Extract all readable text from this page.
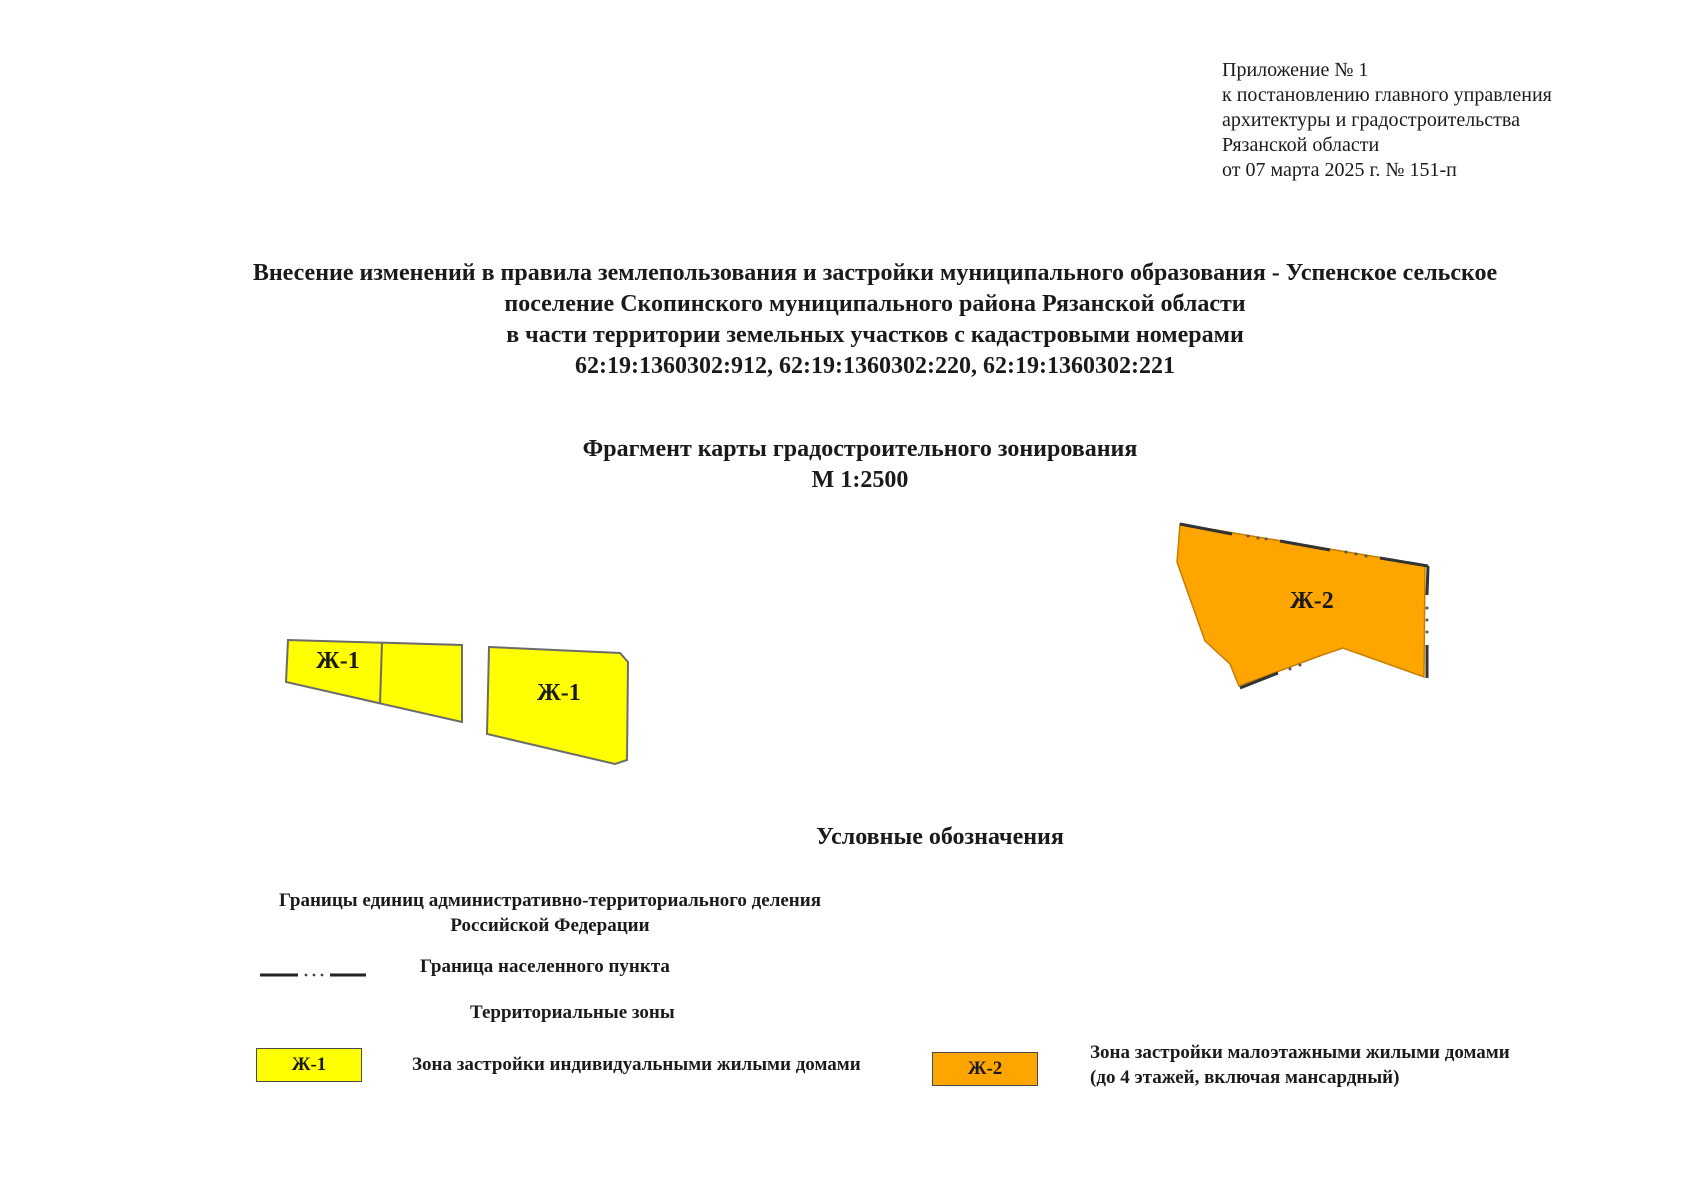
Приложение № 1
к постановлению главного управления
архитектуры и градостроительства
Рязанской области
от 07 марта 2025 г. № 151-п
Внесение изменений в правила землепользования и застройки муниципального образования - Успенское сельское
поселение Скопинского муниципального района Рязанской области
в части территории земельных участков с кадастровыми номерами
62:19:1360302:912, 62:19:1360302:220, 62:19:1360302:221
Фрагмент карты градостроительного зонирования
М 1:2500
Ж-1
Ж-1
Ж-2
Условные обозначения
Границы единиц административно-территориального деления
Российской Федерации
Граница населенного пункта
Территориальные зоны
Ж-1	Зона застройки индивидуальными жилыми домами	Ж-2
Зона застройки малоэтажными жилыми домами
(до 4 этажей, включая мансардный)
